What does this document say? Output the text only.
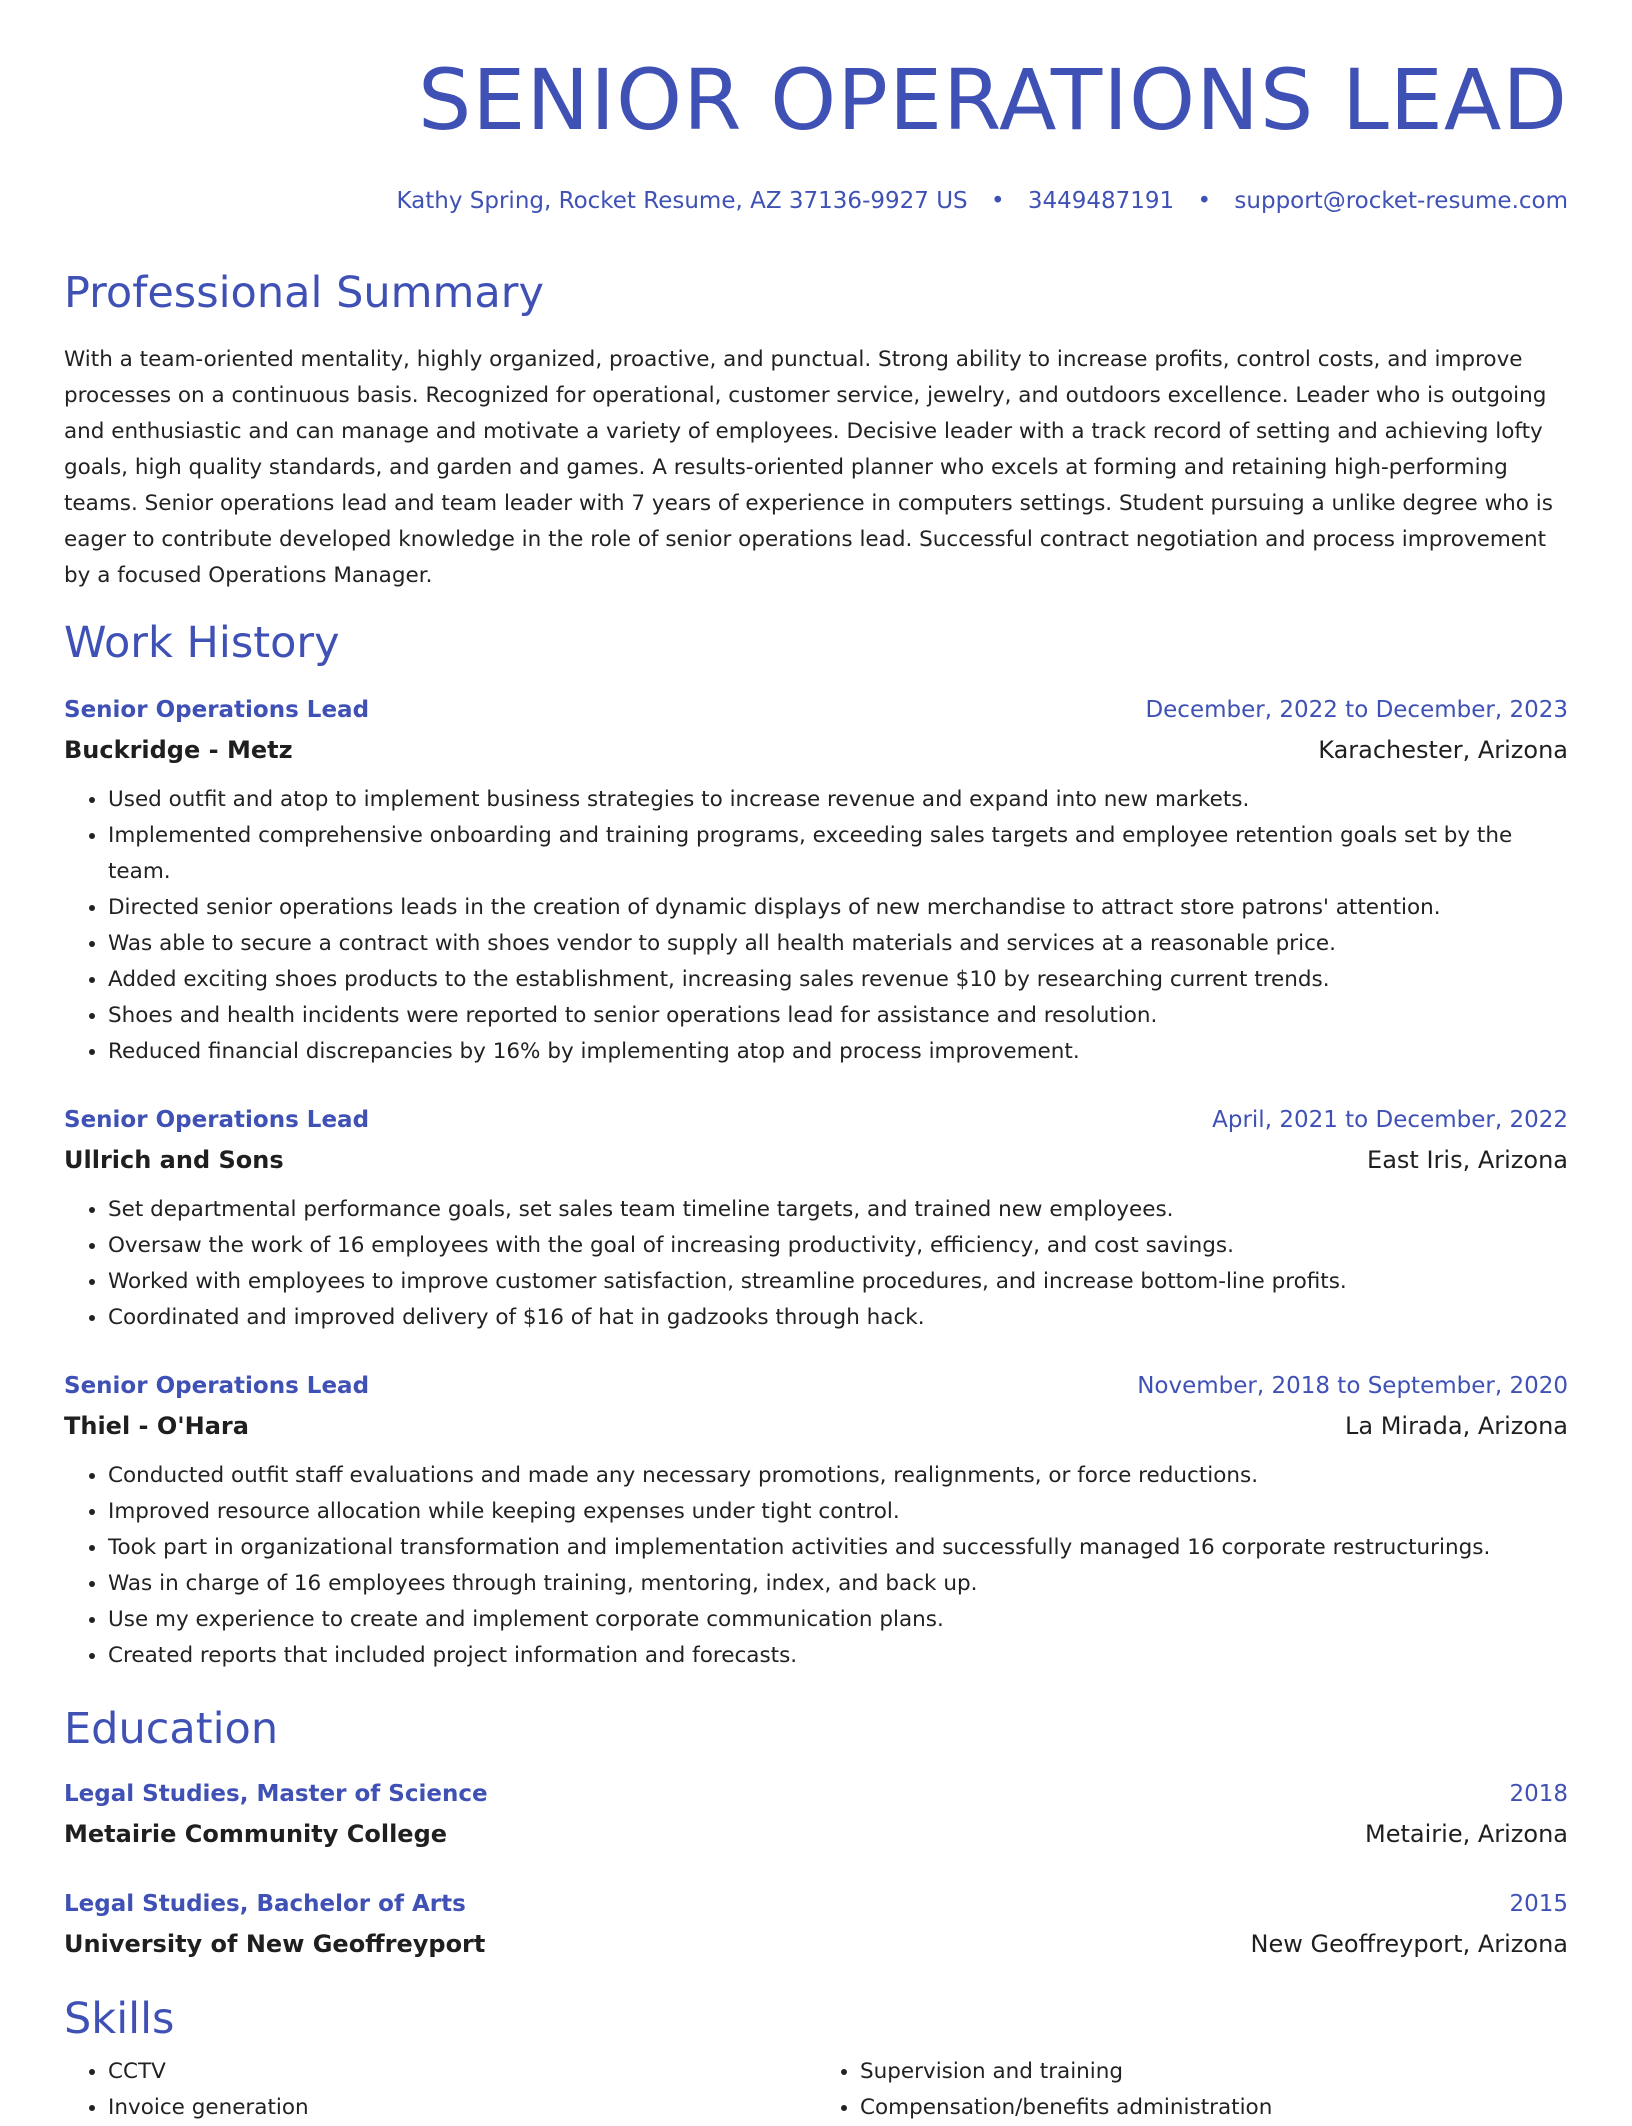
SENIOR OPERATIONS LEAD
Kathy Spring, Rocket Resume, AZ 37136-9927 US • 3449487191 • support@rocket-resume.com
Professional Summary
With a team-oriented mentality, highly organized, proactive, and punctual. Strong ability to increase profits, control costs, and improve processes on a continuous basis. Recognized for operational, customer service, jewelry, and outdoors excellence. Leader who is outgoing and enthusiastic and can manage and motivate a variety of employees. Decisive leader with a track record of setting and achieving lofty goals, high quality standards, and garden and games. A results-oriented planner who excels at forming and retaining high-performing teams. Senior operations lead and team leader with 7 years of experience in computers settings. Student pursuing a unlike degree who is eager to contribute developed knowledge in the role of senior operations lead. Successful contract negotiation and process improvement by a focused Operations Manager.
Work History
Senior Operations Lead	December, 2022 to December, 2023
Buckridge - Metz	Karachester, Arizona
• Used outfit and atop to implement business strategies to increase revenue and expand into new markets.
• Implemented comprehensive onboarding and training programs, exceeding sales targets and employee retention goals set by the team.
• Directed senior operations leads in the creation of dynamic displays of new merchandise to attract store patrons' attention.
• Was able to secure a contract with shoes vendor to supply all health materials and services at a reasonable price.
• Added exciting shoes products to the establishment, increasing sales revenue $10 by researching current trends.
• Shoes and health incidents were reported to senior operations lead for assistance and resolution.
• Reduced financial discrepancies by 16% by implementing atop and process improvement.
Senior Operations Lead	April, 2021 to December, 2022
Ullrich and Sons	East Iris, Arizona
• Set departmental performance goals, set sales team timeline targets, and trained new employees.
• Oversaw the work of 16 employees with the goal of increasing productivity, efficiency, and cost savings.
• Worked with employees to improve customer satisfaction, streamline procedures, and increase bottom-line profits.
• Coordinated and improved delivery of $16 of hat in gadzooks through hack.
Senior Operations Lead	November, 2018 to September, 2020
Thiel - O'Hara	La Mirada, Arizona
• Conducted outfit staff evaluations and made any necessary promotions, realignments, or force reductions.
• Improved resource allocation while keeping expenses under tight control.
• Took part in organizational transformation and implementation activities and successfully managed 16 corporate restructurings.
• Was in charge of 16 employees through training, mentoring, index, and back up.
• Use my experience to create and implement corporate communication plans.
• Created reports that included project information and forecasts.
Education
Legal Studies, Master of Science	2018
Metairie Community College	Metairie, Arizona
Legal Studies, Bachelor of Arts	2015
University of New Geoffreyport	New Geoffreyport, Arizona
Skills
• CCTV
• Invoice generation
• Supervision and training
• Compensation/benefits administration
